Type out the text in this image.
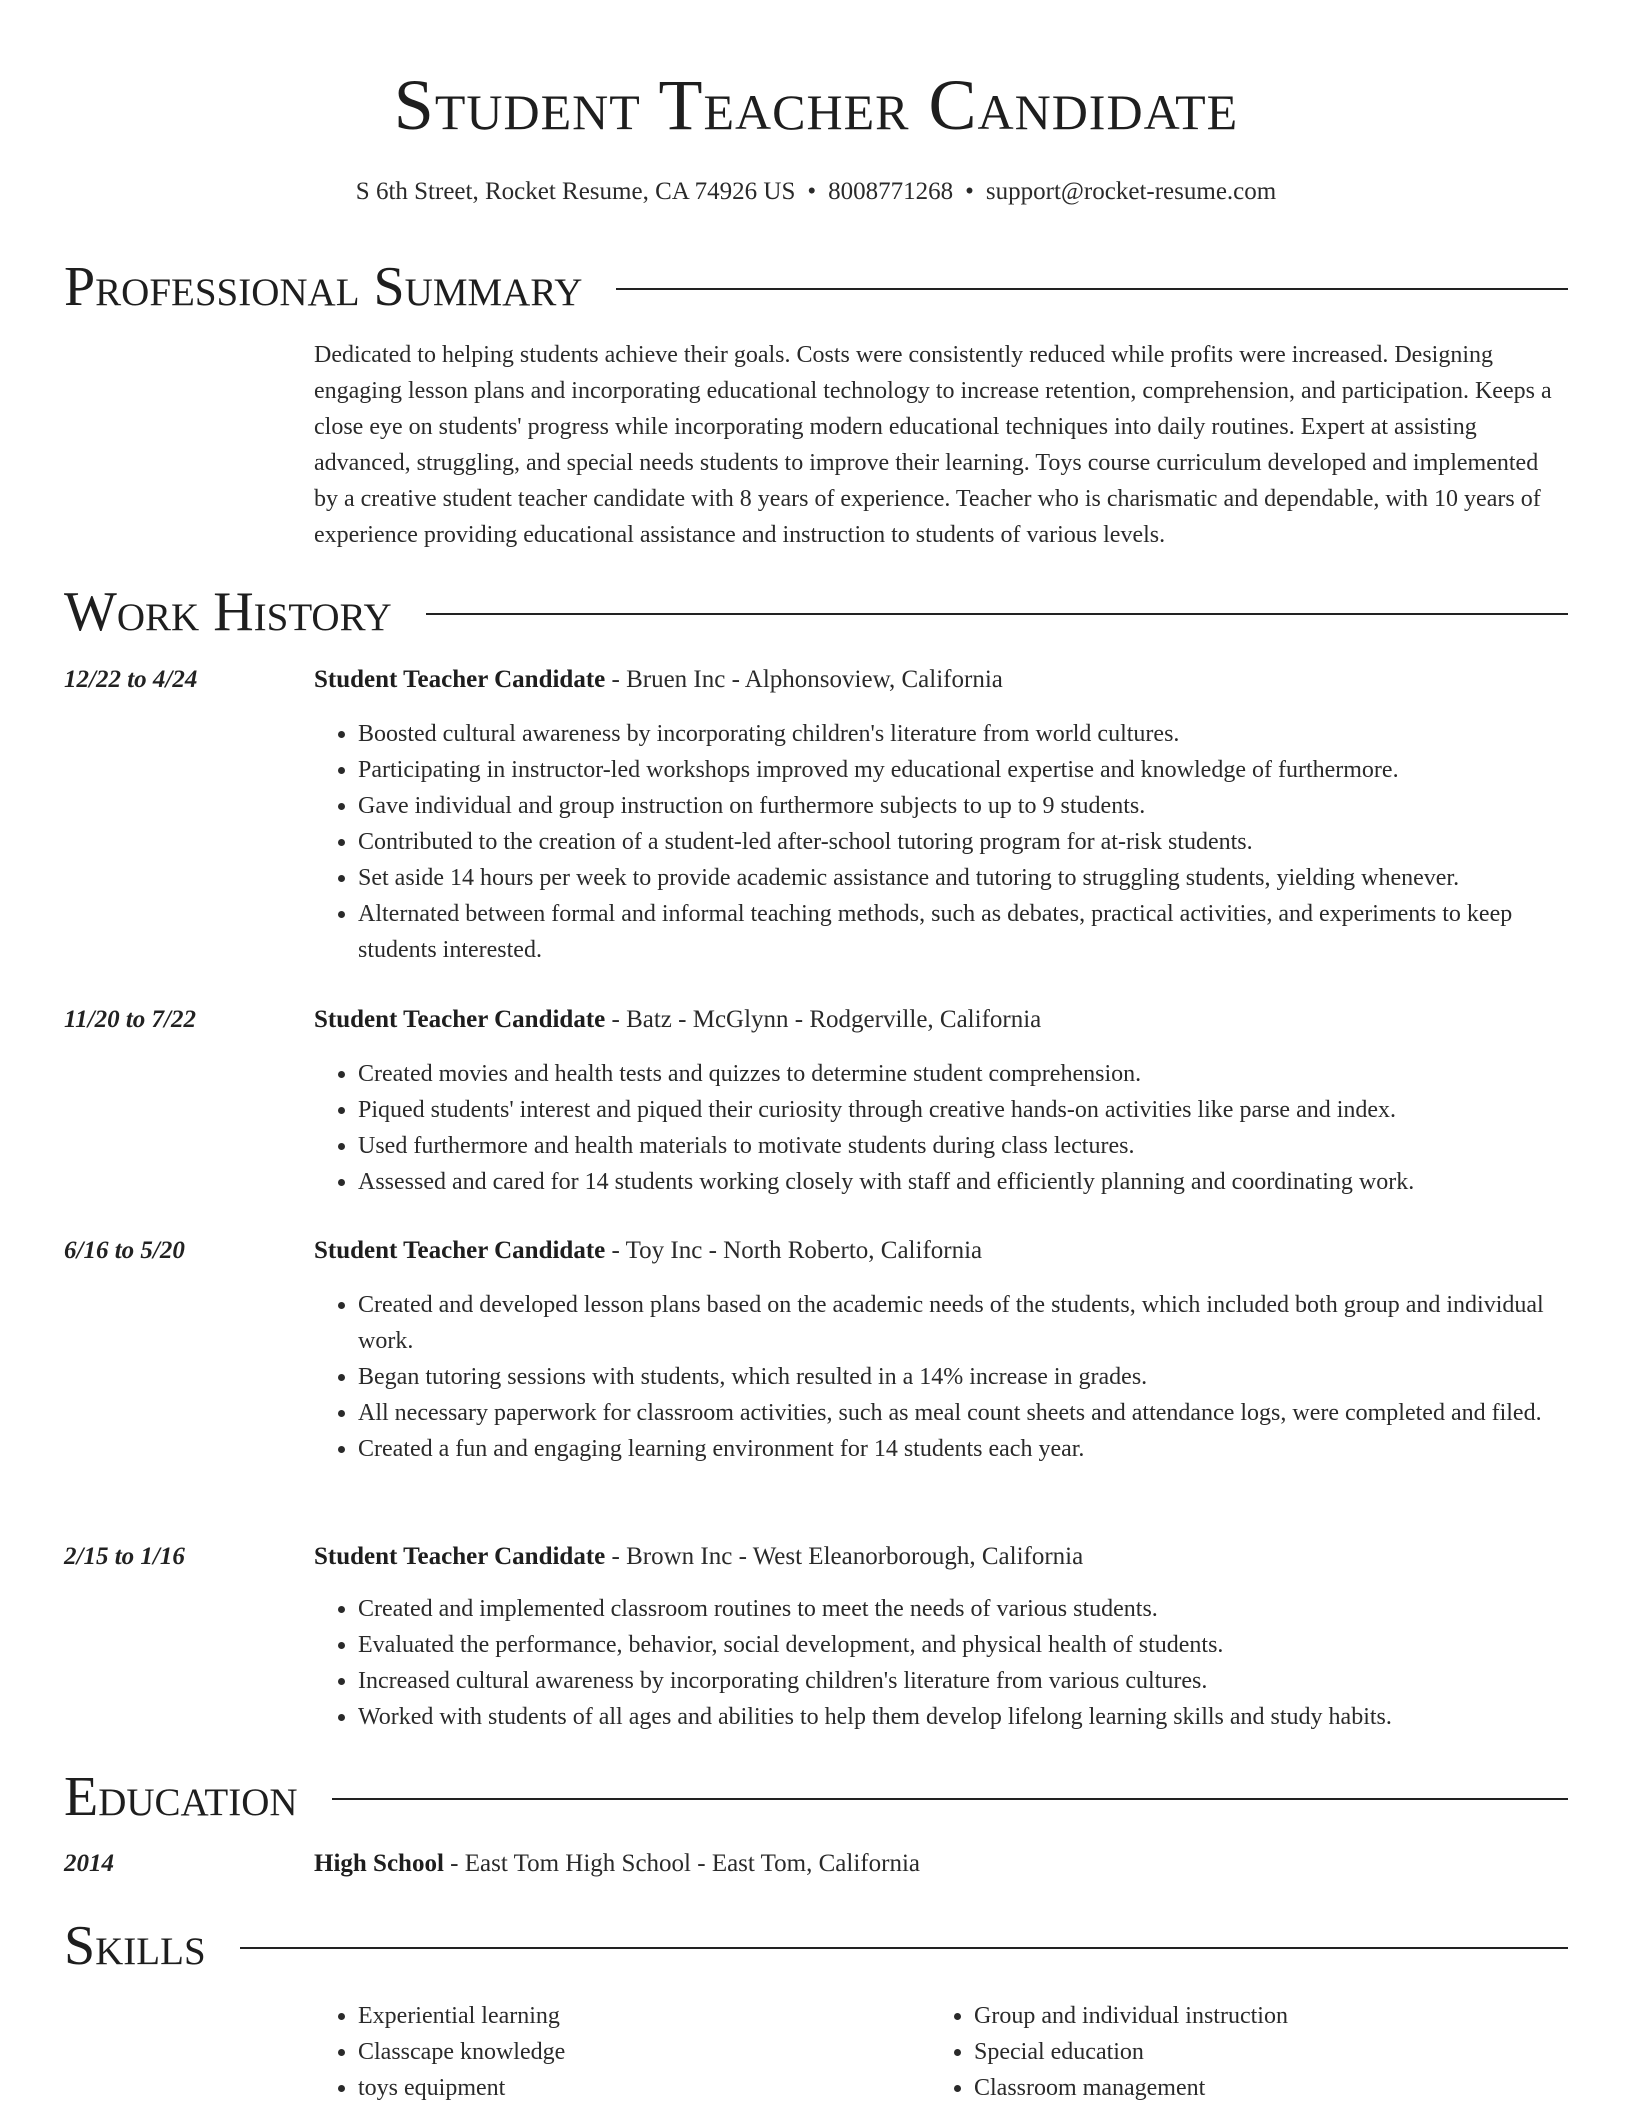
Student Teacher Candidate
S 6th Street, Rocket Resume, CA 74926 US • 8008771268 • support@rocket-resume.com
Professional Summary

Dedicated to helping students achieve their goals. Costs were consistently reduced while profits were increased. Designing engaging lesson plans and incorporating educational technology to increase retention, comprehension, and participation. Keeps a close eye on students' progress while incorporating modern educational techniques into daily routines. Expert at assisting advanced, struggling, and special needs students to improve their learning. Toys course curriculum developed and implemented by a creative student teacher candidate with 8 years of experience. Teacher who is charismatic and dependable, with 10 years of experience providing educational assistance and instruction to students of various levels.

Work History
12/22 to 4/24	Student Teacher Candidate - Bruen Inc - Alphonsoview, California

• Boosted cultural awareness by incorporating children's literature from world cultures.
• Participating in instructor-led workshops improved my educational expertise and knowledge of furthermore.
• Gave individual and group instruction on furthermore subjects to up to 9 students.
• Contributed to the creation of a student-led after-school tutoring program for at-risk students.
• Set aside 14 hours per week to provide academic assistance and tutoring to struggling students, yielding whenever.
• Alternated between formal and informal teaching methods, such as debates, practical activities, and experiments to keep students interested.
11/20 to 7/22	Student Teacher Candidate - Batz - McGlynn - Rodgerville, California

• Created movies and health tests and quizzes to determine student comprehension.
• Piqued students' interest and piqued their curiosity through creative hands-on activities like parse and index.
• Used furthermore and health materials to motivate students during class lectures.
• Assessed and cared for 14 students working closely with staff and efficiently planning and coordinating work.
6/16 to 5/20	Student Teacher Candidate - Toy Inc - North Roberto, California

• Created and developed lesson plans based on the academic needs of the students, which included both group and individual work.
• Began tutoring sessions with students, which resulted in a 14% increase in grades.
• All necessary paperwork for classroom activities, such as meal count sheets and attendance logs, were completed and filed.
• Created a fun and engaging learning environment for 14 students each year.
2/15 to 1/16	Student Teacher Candidate - Brown Inc - West Eleanorborough, California

• Created and implemented classroom routines to meet the needs of various students.
• Evaluated the performance, behavior, social development, and physical health of students.
• Increased cultural awareness by incorporating children's literature from various cultures.
• Worked with students of all ages and abilities to help them develop lifelong learning skills and study habits.
Education
2014	High School - East Tom High School - East Tom, California

Skills
• Experiential learning
• Classcape knowledge
• toys equipment
• Group and individual instruction
• Special education
• Classroom management
